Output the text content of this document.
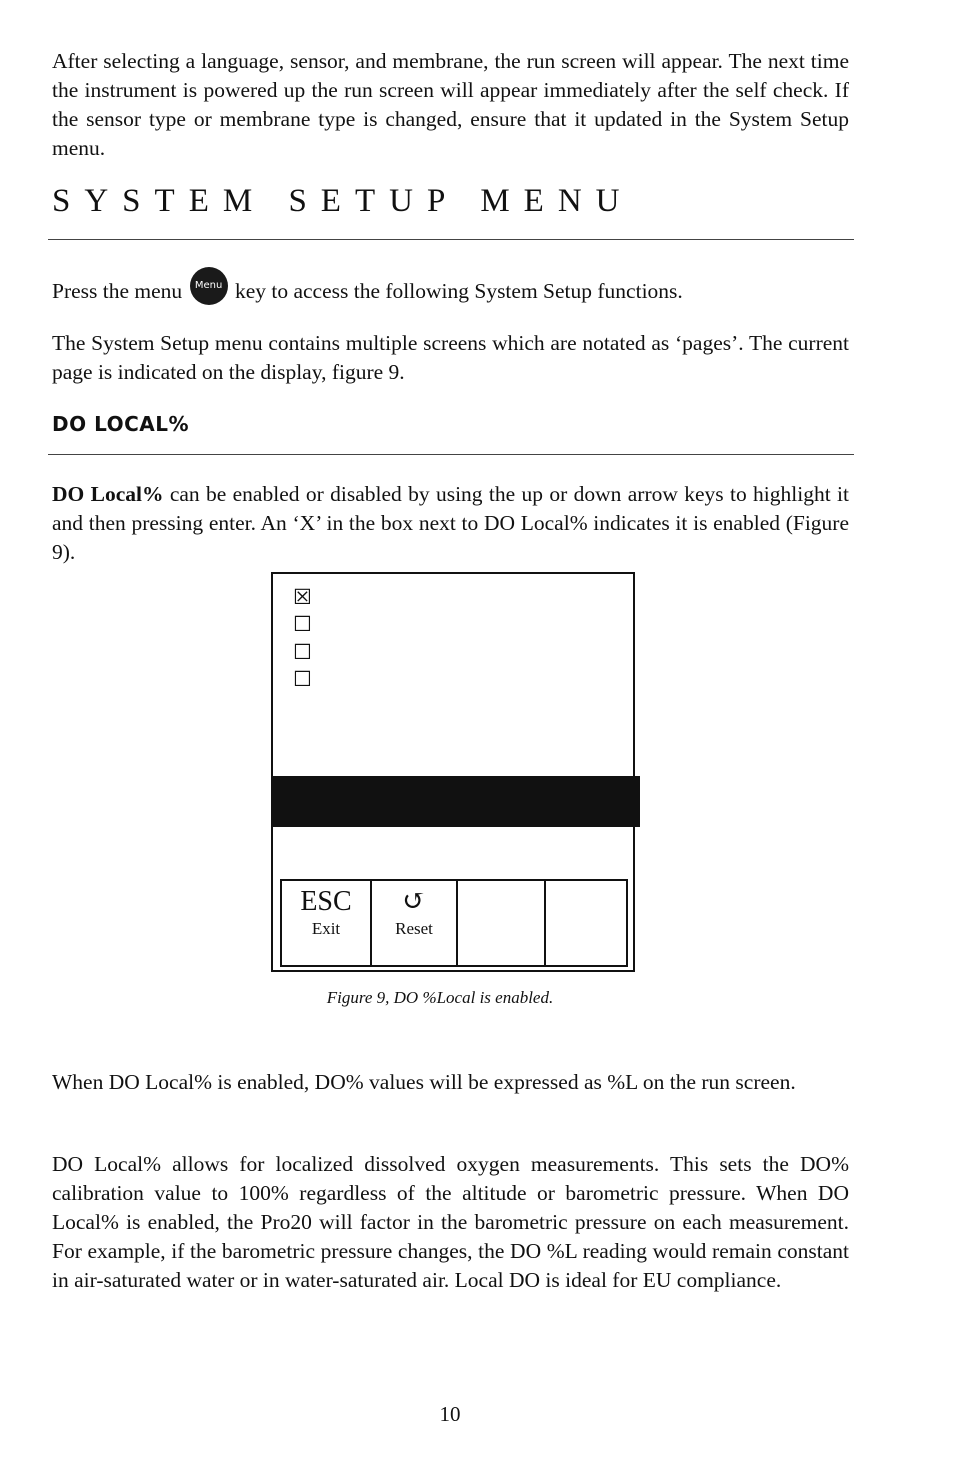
After selecting a language, sensor, and membrane, the run screen will appear. The next time the instrument is powered up the run screen will appear immediately after the self check. If the sensor type or membrane type is changed, ensure that it updated in the System Setup menu.

SYSTEM SETUP MENU

Press the menu Menu key to access the following System Setup functions.

The System Setup menu contains multiple screens which are notated as ‘pages’. The current page is indicated on the display, figure 9.

DO LOCAL%

DO Local% can be enabled or disabled by using the up or down arrow keys to highlight it and then pressing enter. An ‘X’ in the box next to DO Local% indicates it is enabled (Figure 9).

☒
☐
☐
☐
ESC
Exit
↺
Reset

Figure 9, DO %Local is enabled.

When DO Local% is enabled, DO% values will be expressed as %L on the run screen.

DO Local% allows for localized dissolved oxygen measurements. This sets the DO% calibration value to 100% regardless of the altitude or barometric pressure. When DO Local% is enabled, the Pro20 will factor in the barometric pressure on each measurement. For example, if the barometric pressure changes, the DO %L reading would remain constant in air-saturated water or in water-saturated air. Local DO is ideal for EU compliance.

10
